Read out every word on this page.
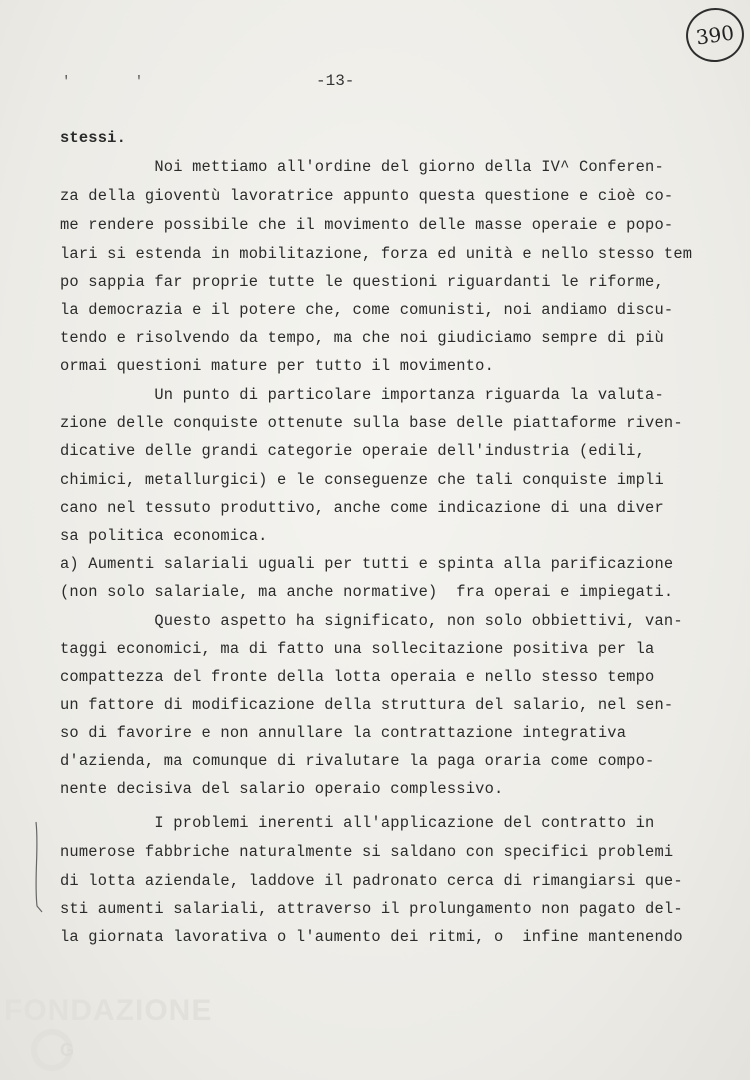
' '	-13-
390
stessi.
Noi mettiamo all'ordine del giorno della IV^ Conferen-
za della gioventù lavoratrice appunto questa questione e cioè co-
me rendere possibile che il movimento delle masse operaie e popo-
lari si estenda in mobilitazione, forza ed unità e nello stesso tem
po sappia far proprie tutte le questioni riguardanti le riforme,
la democrazia e il potere che, come comunisti, noi andiamo discu-
tendo e risolvendo da tempo, ma che noi giudiciamo sempre di più
ormai questioni mature per tutto il movimento.
Un punto di particolare importanza riguarda la valuta-
zione delle conquiste ottenute sulla base delle piattaforme riven-
dicative delle grandi categorie operaie dell'industria (edili,
chimici, metallurgici) e le conseguenze che tali conquiste impli
cano nel tessuto produttivo, anche come indicazione di una diver
sa politica economica.
a) Aumenti salariali uguali per tutti e spinta alla parificazione
(non solo salariale, ma anche normative)  fra operai e impiegati.
Questo aspetto ha significato, non solo obbiettivi, van-
taggi economici, ma di fatto una sollecitazione positiva per la
compattezza del fronte della lotta operaia e nello stesso tempo
un fattore di modificazione della struttura del salario, nel sen-
so di favorire e non annullare la contrattazione integrativa
d'azienda, ma comunque di rivalutare la paga oraria come compo-
nente decisiva del salario operaio complessivo.
I problemi inerenti all'applicazione del contratto in
numerose fabbriche naturalmente si saldano con specifici problemi
di lotta aziendale, laddove il padronato cerca di rimangiarsi que-
sti aumenti salariali, attraverso il prolungamento non pagato del-
la giornata lavorativa o l'aumento dei ritmi, o  infine mantenendo
FONDAZIONE
G
